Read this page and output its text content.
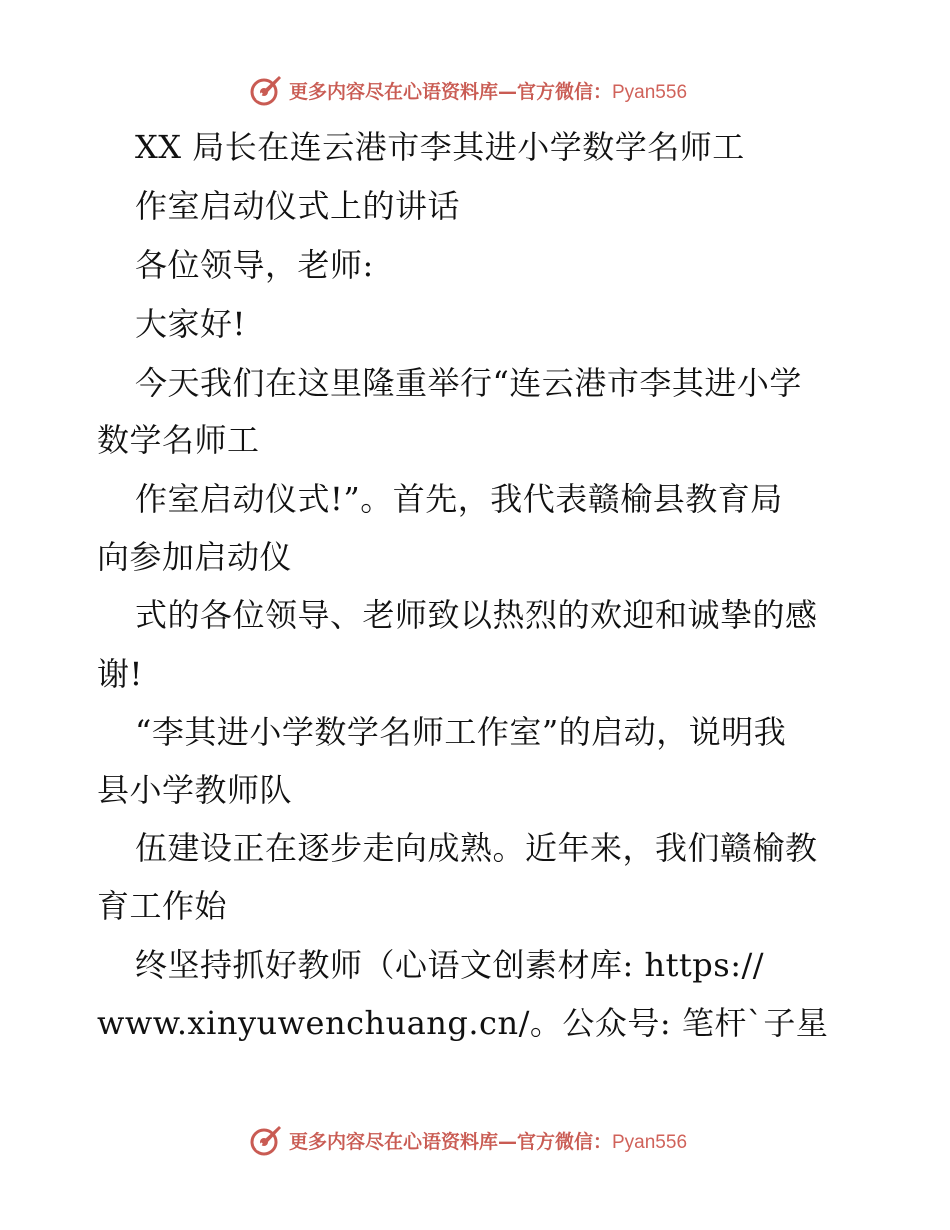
更多内容尽在心语资料库—官方微信：Pyan556
XX 局长在连云港市李其进小学数学名师工
作室启动仪式上的讲话
各位领导，老师:
大家好!
今天我们在这里隆重举行“连云港市李其进小学
数学名师工
作室启动仪式!”。首先，我代表赣榆县教育局
向参加启动仪
式的各位领导、老师致以热烈的欢迎和诚挚的感
谢!
“李其进小学数学名师工作室”的启动，说明我
县小学教师队
伍建设正在逐步走向成熟。近年来，我们赣榆教
育工作始
终坚持抓好教师（心语文创素材库: https://
www.xinyuwenchuang.cn/。公众号: 笔杆`子星
更多内容尽在心语资料库—官方微信：Pyan556
